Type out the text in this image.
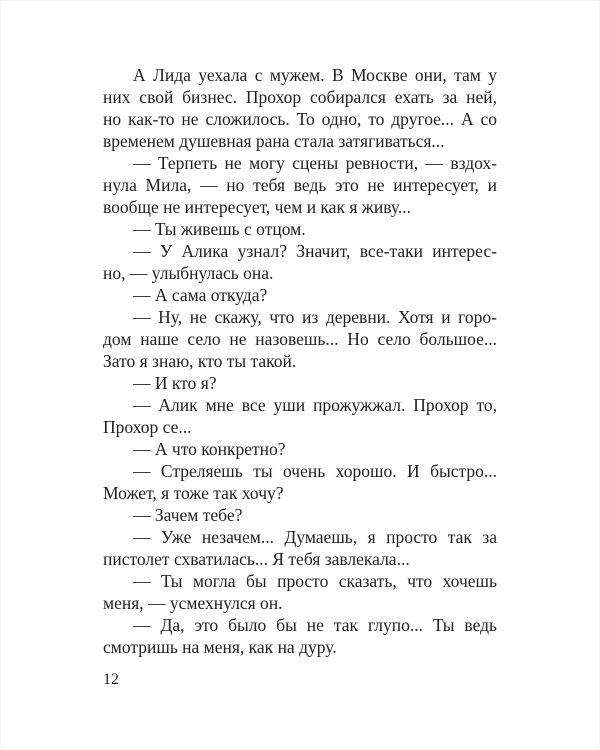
А Лида уехала с мужем. В Москве они, там у
них свой бизнес. Прохор собирался ехать за ней,
но как-то не сложилось. То одно, то другое... А со
временем душевная рана стала затягиваться...

— Терпеть не могу сцены ревности, — вздох-
нула Мила, — но тебя ведь это не интересует, и
вообще не интересует, чем и как я живу...

— Ты живешь с отцом.

— У Алика узнал? Значит, все-таки интерес-
но, — улыбнулась она.

— А сама откуда?

— Ну, не скажу, что из деревни. Хотя и горо-
дом наше село не назовешь... Но село большое...
Зато я знаю, кто ты такой.

— И кто я?

— Алик мне все уши прожужжал. Прохор то,
Прохор се...

— А что конкретно?

— Стреляешь ты очень хорошо. И быстро...
Может, я тоже так хочу?

— Зачем тебе?

— Уже незачем... Думаешь, я просто так за
пистолет схватилась... Я тебя завлекала...

— Ты могла бы просто сказать, что хочешь
меня, — усмехнулся он.

— Да, это было бы не так глупо... Ты ведь
смотришь на меня, как на дуру.

12
